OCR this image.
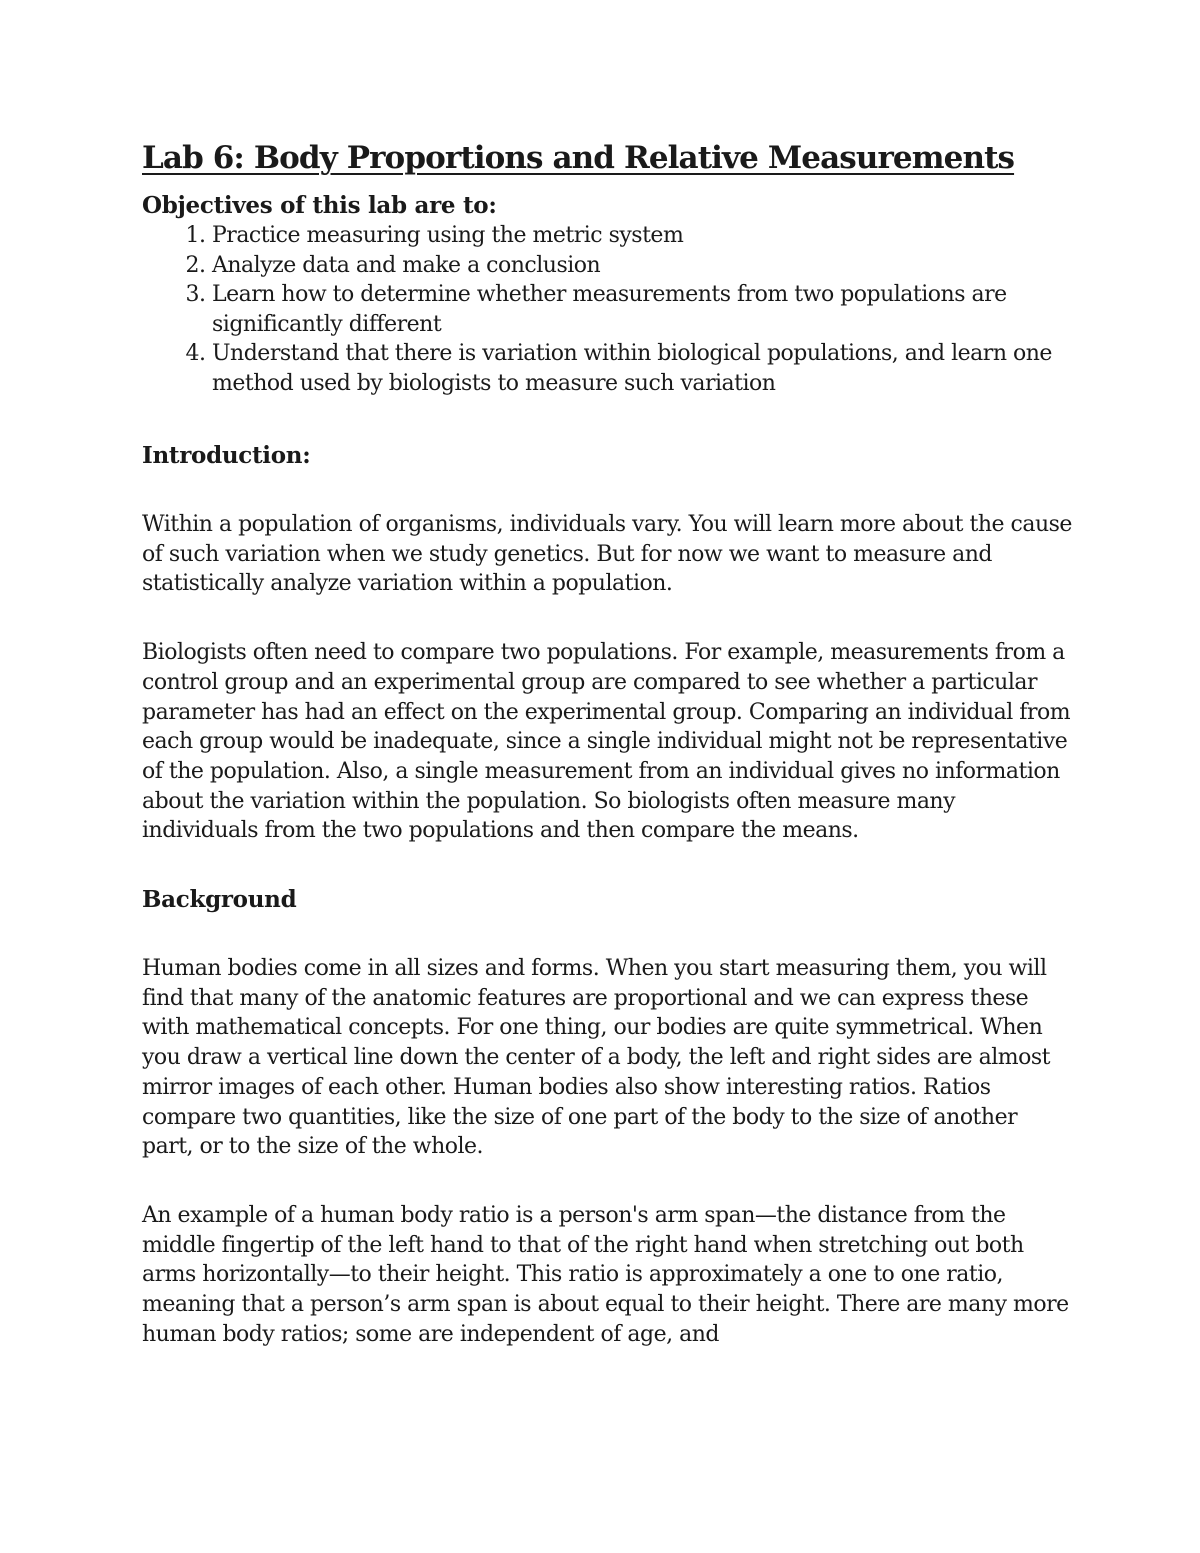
Lab 6: Body Proportions and Relative Measurements
Objectives of this lab are to:
1. Practice measuring using the metric system
2. Analyze data and make a conclusion
3. Learn how to determine whether measurements from two populations are significantly different
4. Understand that there is variation within biological populations, and learn one method used by biologists to measure such variation
Introduction:

Within a population of organisms, individuals vary. You will learn more about the cause of such variation when we study genetics. But for now we want to measure and statistically analyze variation within a population.

Biologists often need to compare two populations. For example, measurements from a control group and an experimental group are compared to see whether a particular parameter has had an effect on the experimental group. Comparing an individual from each group would be inadequate, since a single individual might not be representative of the population. Also, a single measurement from an individual gives no information about the variation within the population. So biologists often measure many individuals from the two populations and then compare the means.

Background

Human bodies come in all sizes and forms. When you start measuring them, you will find that many of the anatomic features are proportional and we can express these with mathematical concepts. For one thing, our bodies are quite symmetrical. When you draw a vertical line down the center of a body, the left and right sides are almost mirror images of each other. Human bodies also show interesting ratios. Ratios compare two quantities, like the size of one part of the body to the size of another part, or to the size of the whole.

An example of a human body ratio is a person's arm span—the distance from the middle fingertip of the left hand to that of the right hand when stretching out both arms horizontally—to their height. This ratio is approximately a one to one ratio, meaning that a person’s arm span is about equal to their height. There are many more human body ratios; some are independent of age, and
